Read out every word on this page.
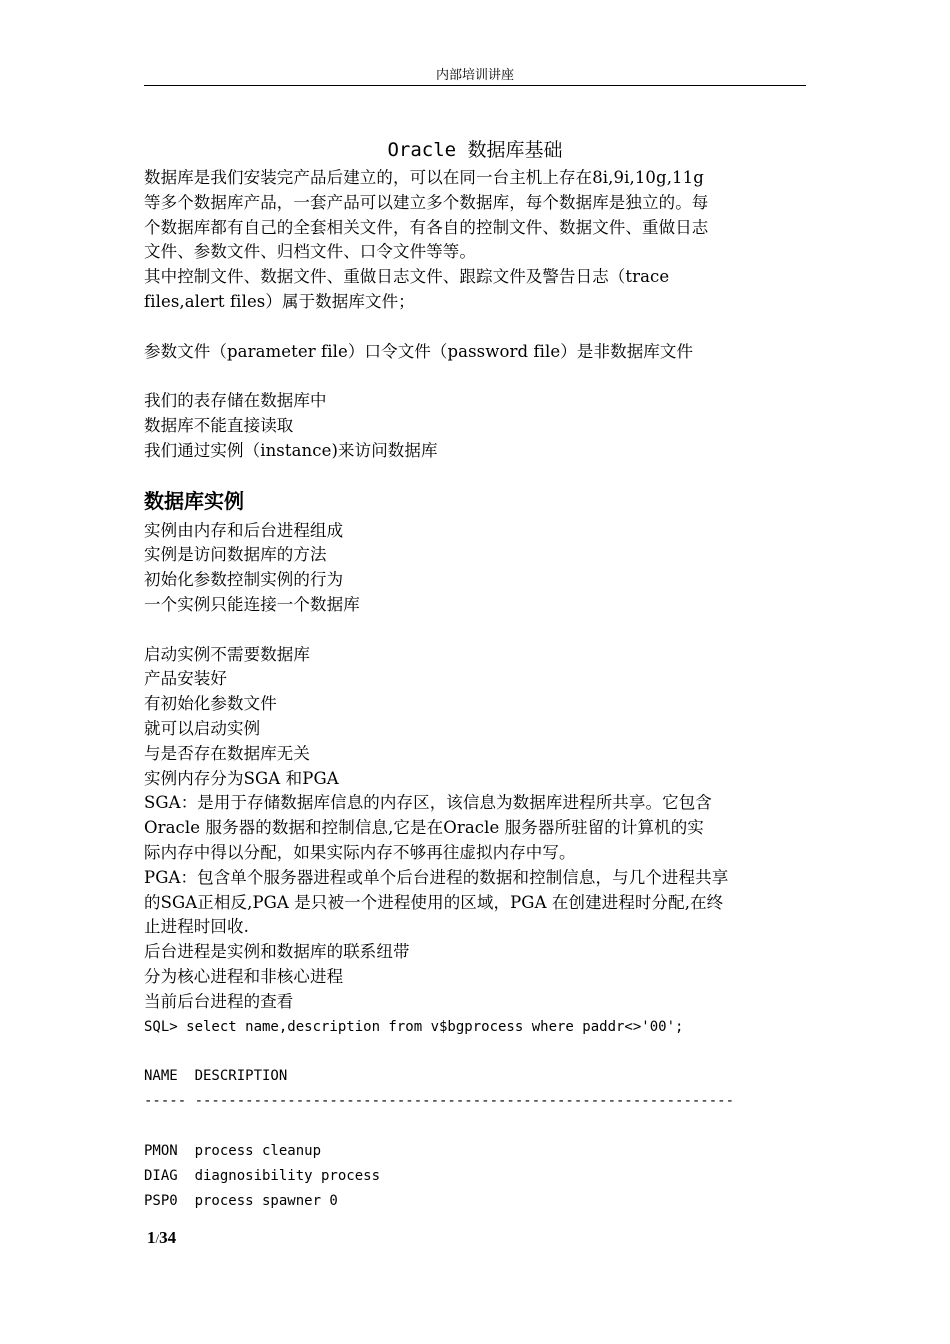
内部培训讲座
Oracle 数据库基础

数据库是我们安装完产品后建立的，可以在同一台主机上存在8i,9i,10g,11g

等多个数据库产品，一套产品可以建立多个数据库，每个数据库是独立的。每

个数据库都有自己的全套相关文件，有各自的控制文件、数据文件、重做日志

文件、参数文件、归档文件、口令文件等等。

其中控制文件、数据文件、重做日志文件、跟踪文件及警告日志（trace

files,alert files）属于数据库文件；

参数文件（parameter file）口令文件（password file）是非数据库文件

我们的表存储在数据库中

数据库不能直接读取

我们通过实例（instance)来访问数据库

数据库实例

实例由内存和后台进程组成

实例是访问数据库的方法

初始化参数控制实例的行为

一个实例只能连接一个数据库

启动实例不需要数据库

产品安装好

有初始化参数文件

就可以启动实例

与是否存在数据库无关

实例内存分为SGA 和PGA

SGA：是用于存储数据库信息的内存区，该信息为数据库进程所共享。它包含

Oracle 服务器的数据和控制信息,它是在Oracle 服务器所驻留的计算机的实

际内存中得以分配，如果实际内存不够再往虚拟内存中写。

PGA：包含单个服务器进程或单个后台进程的数据和控制信息，与几个进程共享

的SGA正相反,PGA 是只被一个进程使用的区域，PGA 在创建进程时分配,在终

止进程时回收.

后台进程是实例和数据库的联系纽带

分为核心进程和非核心进程

当前后台进程的查看

SQL> select name,description from v$bgprocess where paddr<>'00';

NAME  DESCRIPTION

----- ----------------------------------------------------------------

PMON  process cleanup

DIAG  diagnosibility process

PSP0  process spawner 0

1/34
